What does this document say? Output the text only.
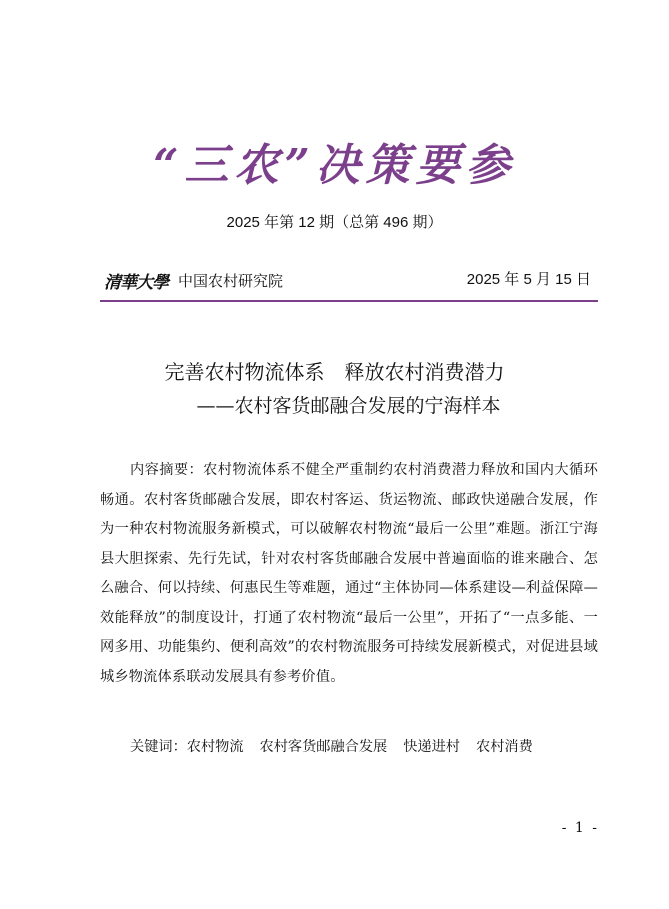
“三农”决策要参
2025 年第 12 期（总第 496 期）
清華大學 中国农村研究院	2025 年 5 月 15 日
完善农村物流体系　释放农村消费潜力
——农村客货邮融合发展的宁海样本
内容摘要：农村物流体系不健全严重制约农村消费潜力释放和国内大循环畅通。农村客货邮融合发展，即农村客运、货运物流、邮政快递融合发展，作为一种农村物流服务新模式，可以破解农村物流“最后一公里”难题。浙江宁海县大胆探索、先行先试，针对农村客货邮融合发展中普遍面临的谁来融合、怎么融合、何以持续、何惠民生等难题，通过“主体协同—体系建设—利益保障—效能释放”的制度设计，打通了农村物流“最后一公里”，开拓了“一点多能、一网多用、功能集约、便利高效”的农村物流服务可持续发展新模式，对促进县域城乡物流体系联动发展具有参考价值。
关键词：农村物流 农村客货邮融合发展 快递进村 农村消费
- 1 -
